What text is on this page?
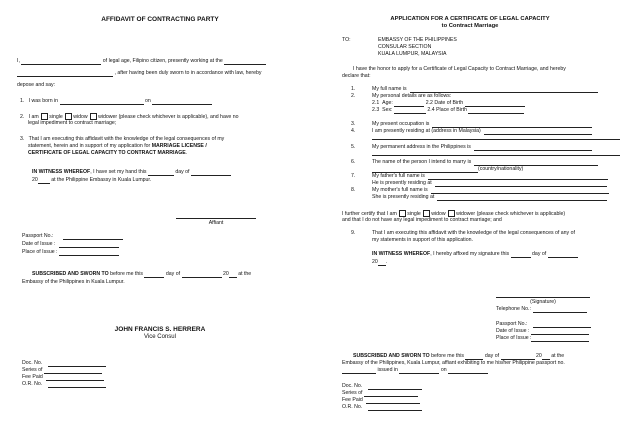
AFFIDAVIT OF CONTRACTING PARTY
I,	of legal age, Filipino citizen, presently working at the
, after having been duly sworn to in accordance with law, hereby
depose and say:
1. I was born in	on
2. I am single widow widower (please check whichever is applicable), and have no
legal impediment to contract marriage;
3. That I am executing this affidavit with the knowledge of the legal consequences of my
statement, herein and in support of my application for MARRIAGE LICENSE /
CERTIFICATE OF LEGAL CAPACITY TO CONTRACT MARRIAGE.
IN WITNESS WHEREOF, I have set my hand this	day of
20	at the Philippine Embassy in Kuala Lumpur.
Affiant
Passport No.:
Date of Issue :
Place of Issue :
SUBSCRIBED AND SWORN TO before me this	day of	20 at the
Embassy of the Philippines in Kuala Lumpur.
JOHN FRANCIS S. HERRERA
Vice Consul
Doc. No.
Series of
Fee Paid
O.R. No.
APPLICATION FOR A CERTIFICATE OF LEGAL CAPACITY
to Contract Marriage
TO:	EMBASSY OF THE PHILIPPINES
CONSULAR SECTION
KUALA LUMPUR, MALAYSIA
I have the honor to apply for a Certificate of Legal Capacity to Contract Marriage, and hereby
declare that:
1.	My full name is
2.	My personal details are as follows:
2.1 Age:	2.2 Date of Birth
2.3 Sex:	2.4 Place of Birth
3.	My present occupation is
4.	I am presently residing at (address in Malaysia)
5.	My permanent address in the Philippines is
6.	The name of the person I intend to marry is
(country/nationality)
7.	My father's full name is
He is presently residing at
8.	My mother's full name is
She is presently residing at
I further certify that I am single widow widower (please check whichever is applicable)
and that I do not have any legal impediment to contract marriage; and
9.	That I am executing this affidavit with the knowledge of the legal consequences of any of
my statements in support of this application.
IN WITNESS WHEREOF, I hereby affixed my signature this	day of
20 .
(Signature)
Telephone No.:
Passport No.:
Date of Issue :
Place of Issue :
SUBSCRIBED AND SWORN TO before me this	day of	20 at the
Embassy of the Philippines, Kuala Lumpur, affiant exhibiting to me his/her Philippine passport no.
issued in	on
Doc. No.
Series of
Fee Paid
O.R. No.
